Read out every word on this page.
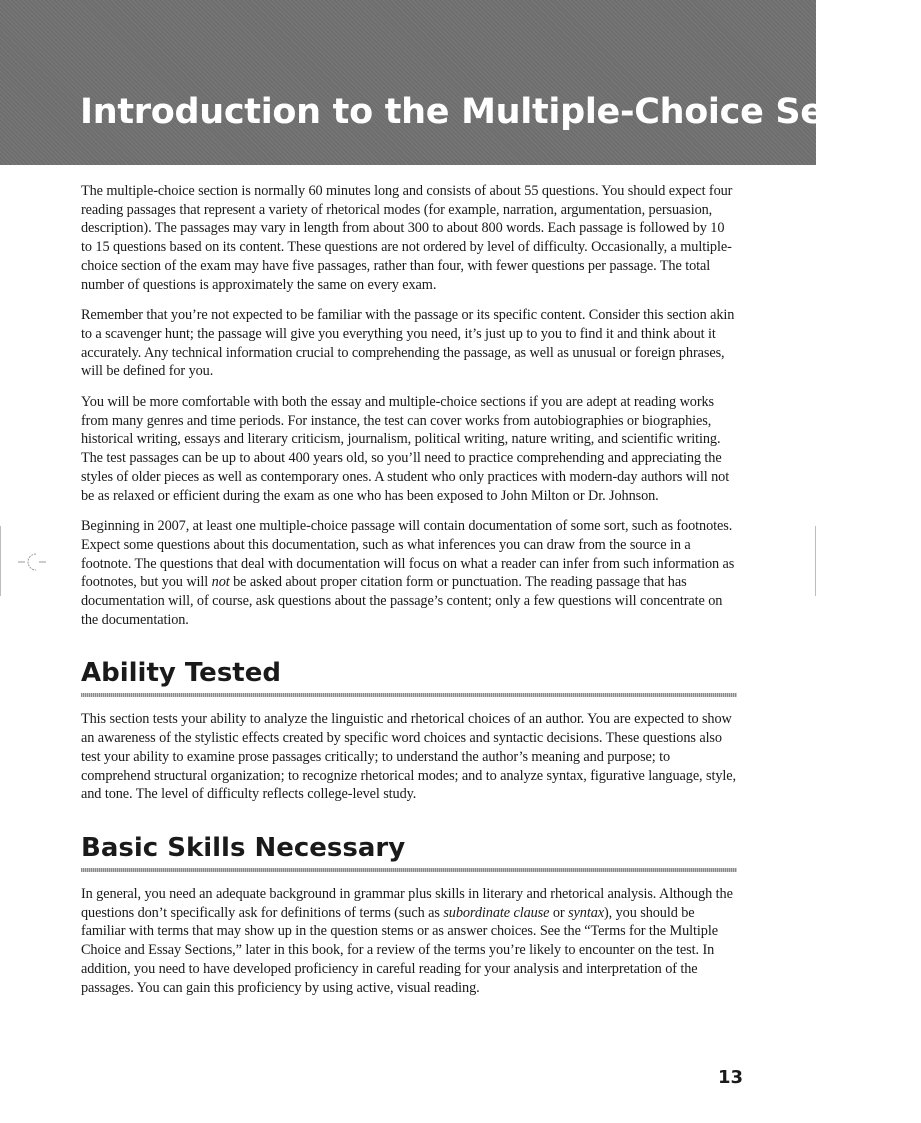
Introduction to the Multiple-Choice Section

The multiple-choice section is normally 60 minutes long and consists of about 55 questions. You should expect four reading passages that represent a variety of rhetorical modes (for example, narration, argumentation, persuasion, description). The passages may vary in length from about 300 to about 800 words. Each passage is followed by 10 to 15 questions based on its content. These questions are not ordered by level of difficulty. Occasionally, a multiple-choice section of the exam may have five passages, rather than four, with fewer questions per passage. The total number of questions is approximately the same on every exam.

Remember that you’re not expected to be familiar with the passage or its specific content. Consider this section akin to a scavenger hunt; the passage will give you everything you need, it’s just up to you to find it and think about it accurately. Any technical information crucial to comprehending the passage, as well as unusual or foreign phrases, will be defined for you.

You will be more comfortable with both the essay and multiple-choice sections if you are adept at reading works from many genres and time periods. For instance, the test can cover works from autobiographies or biographies, historical writing, essays and literary criticism, journalism, political writing, nature writing, and scientific writing. The test passages can be up to about 400 years old, so you’ll need to practice comprehending and appreciating the styles of older pieces as well as contemporary ones. A student who only practices with modern-day authors will not be as relaxed or efficient during the exam as one who has been exposed to John Milton or Dr. Johnson.

Beginning in 2007, at least one multiple-choice passage will contain documentation of some sort, such as footnotes. Expect some questions about this documentation, such as what inferences you can draw from the source in a footnote. The questions that deal with documentation will focus on what a reader can infer from such information as footnotes, but you will not be asked about proper citation form or punctuation. The reading passage that has documentation will, of course, ask questions about the passage’s content; only a few questions will concentrate on the documentation.

Ability Tested

This section tests your ability to analyze the linguistic and rhetorical choices of an author. You are expected to show an awareness of the stylistic effects created by specific word choices and syntactic decisions. These questions also test your ability to examine prose passages critically; to understand the author’s meaning and purpose; to comprehend structural organization; to recognize rhetorical modes; and to analyze syntax, figurative language, style, and tone. The level of difficulty reflects college-level study.

Basic Skills Necessary

In general, you need an adequate background in grammar plus skills in literary and rhetorical analysis. Although the questions don’t specifically ask for definitions of terms (such as subordinate clause or syntax), you should be familiar with terms that may show up in the question stems or as answer choices. See the “Terms for the Multiple Choice and Essay Sections,” later in this book, for a review of the terms you’re likely to encounter on the test. In addition, you need to have developed proficiency in careful reading for your analysis and interpretation of the passages. You can gain this proficiency by using active, visual reading.

13
